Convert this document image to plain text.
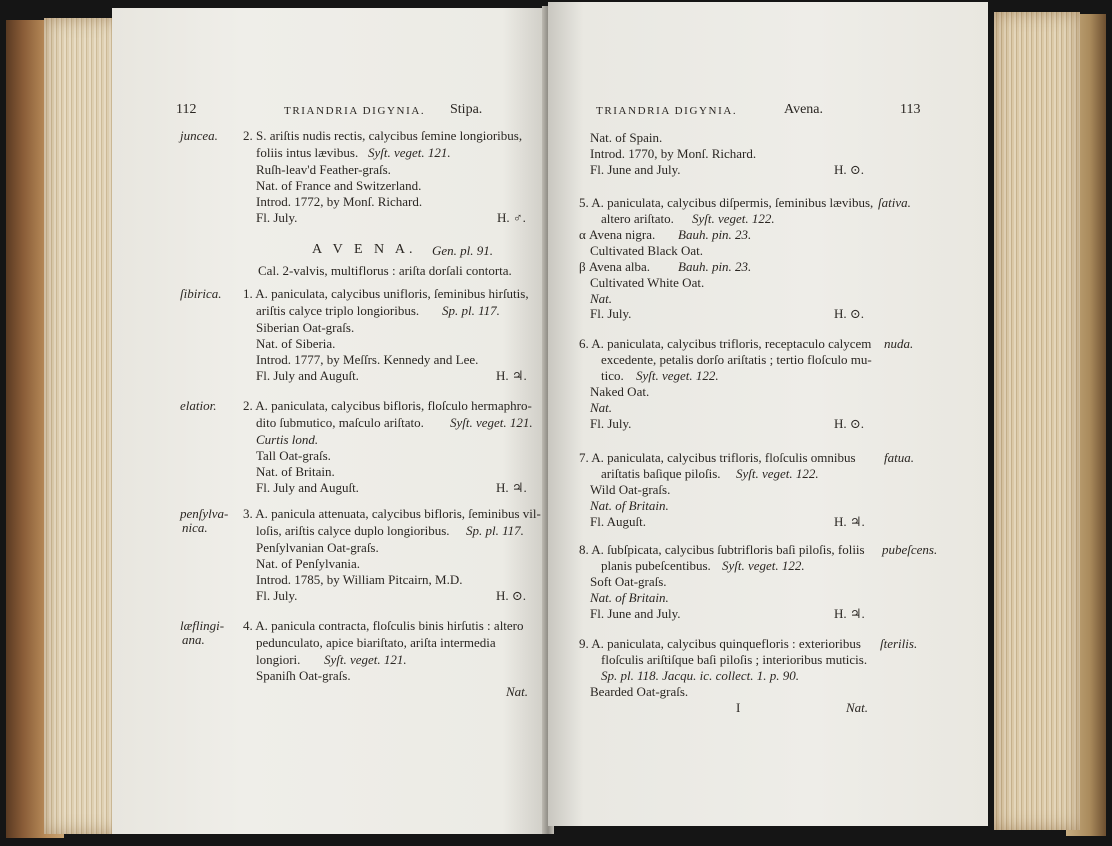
112	TRIANDRIA DIGYNIA. Stipa.
juncea. 2. S. ariſtis nudis rectis, calycibus ſemine longioribus,
foliis intus lævibus. Syſt. veget. 121.
Ruſh-leav'd Feather-graſs.
Nat. of France and Switzerland.
Introd. 1772, by Monſ. Richard.
Fl. July.	H. ♂.
A V E N A. Gen. pl. 91.
Cal. 2-valvis, multiflorus : ariſta dorſali contorta.
ſibirica. 1. A. paniculata, calycibus unifloris, ſeminibus hirſutis,
ariſtis calyce triplo longioribus. Sp. pl. 117.
Siberian Oat-graſs.
Nat. of Siberia.
Introd. 1777, by Meſſrs. Kennedy and Lee.
Fl. July and Auguſt.	H. ♃.
elatior. 2. A. paniculata, calycibus bifloris, floſculo hermaphro-
dito ſubmutico, maſculo ariſtato. Syſt. veget. 121.
Curtis lond.
Tall Oat-graſs.
Nat. of Britain.
Fl. July and Auguſt.	H. ♃.
penſylva-
nica.
3. A. panicula attenuata, calycibus bifloris, ſeminibus vil-
loſis, ariſtis calyce duplo longioribus. Sp. pl. 117.
Penſylvanian Oat-graſs.
Nat. of Penſylvania.
Introd. 1785, by William Pitcairn, M.D.
Fl. July.	H. ⊙.
læflingi-
ana.
4. A. panicula contracta, floſculis binis hirſutis : altero
pedunculato, apice biariſtato, ariſta intermedia
longiori. Syſt. veget. 121.
Spaniſh Oat-graſs.
Nat.
TRIANDRIA DIGYNIA.	Avena.	113
Nat. of Spain.
Introd. 1770, by Monſ. Richard.
Fl. June and July.	H. ⊙.
5. A. paniculata, calycibus diſpermis, ſeminibus lævibus, ſativa.
altero ariſtato. Syſt. veget. 122.
α Avena nigra. Bauh. pin. 23.
Cultivated Black Oat.
β Avena alba. Bauh. pin. 23.
Cultivated White Oat.
Nat.
Fl. July.	H. ⊙.
6. A. paniculata, calycibus trifloris, receptaculo calycem nuda.
excedente, petalis dorſo ariſtatis ; tertio floſculo mu-
tico. Syſt. veget. 122.
Naked Oat.
Nat.
Fl. July.	H. ⊙.
7. A. paniculata, calycibus trifloris, floſculis omnibus fatua.
ariſtatis baſique piloſis. Syſt. veget. 122.
Wild Oat-graſs.
Nat. of Britain.
Fl. Auguſt.	H. ♃.
8. A. ſubſpicata, calycibus ſubtrifloris baſi piloſis, foliis pubeſcens.
planis pubeſcentibus. Syſt. veget. 122.
Soft Oat-graſs.
Nat. of Britain.
Fl. June and July.	H. ♃.
9. A. paniculata, calycibus quinquefloris : exterioribus ſterilis.
floſculis ariſtiſque baſi piloſis ; interioribus muticis.
Sp. pl. 118. Jacqu. ic. collect. 1. p. 90.
Bearded Oat-graſs.
I	Nat.
